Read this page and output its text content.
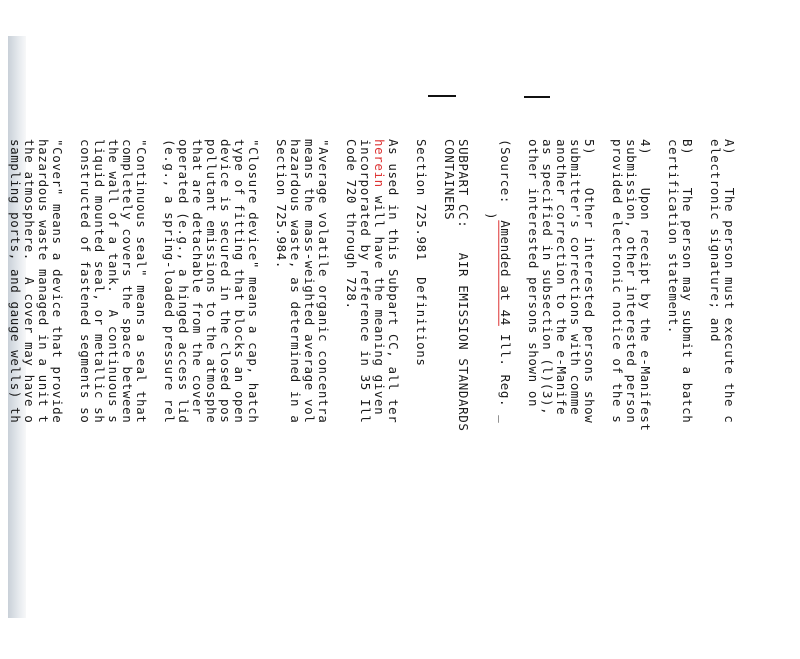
A)    The person must execute the c
electronic signature; and
B)    The person may submit a batch
certification statement.
4)    Upon receipt by the e-Manifest
submission, other interested person
provided electronic notice of the s
5)    Other interested persons show
submitter's corrections with comme
another correction to the e-Manife
as specified in subsection (l)(3),
other interested persons shown on
(Source:  Amended at 44 Ill. Reg. _
)
SUBPART CC:   AIR EMISSION STANDARDS
CONTAINERS
Section 725.981  Definitions
As used in this Subpart CC, all ter
herein will have the meaning given
incorporated by reference in 35 Ill
Code 720 through 728.
"Average volatile organic concentra
means the mass-weighted average vol
hazardous waste, as determined in a
Section 725.984.
"Closure device" means a cap, hatch
type of fitting that blocks an open
device is secured in the closed pos
pollutant emissions to the atmosphe
that are detachable from the cover
operated (e.g., a hinged access lid
(e.g., a spring-loaded pressure rel
"Continuous seal" means a seal that
completely covers the space between
the wall of a tank.  A continuous s
liquid mounted seal, or metallic sh
constructed of fastened segments so
"Cover" means a device that provide
hazardous waste managed in a unit t
the atmosphere.  A cover may have o
sampling ports, and gauge wells) th
